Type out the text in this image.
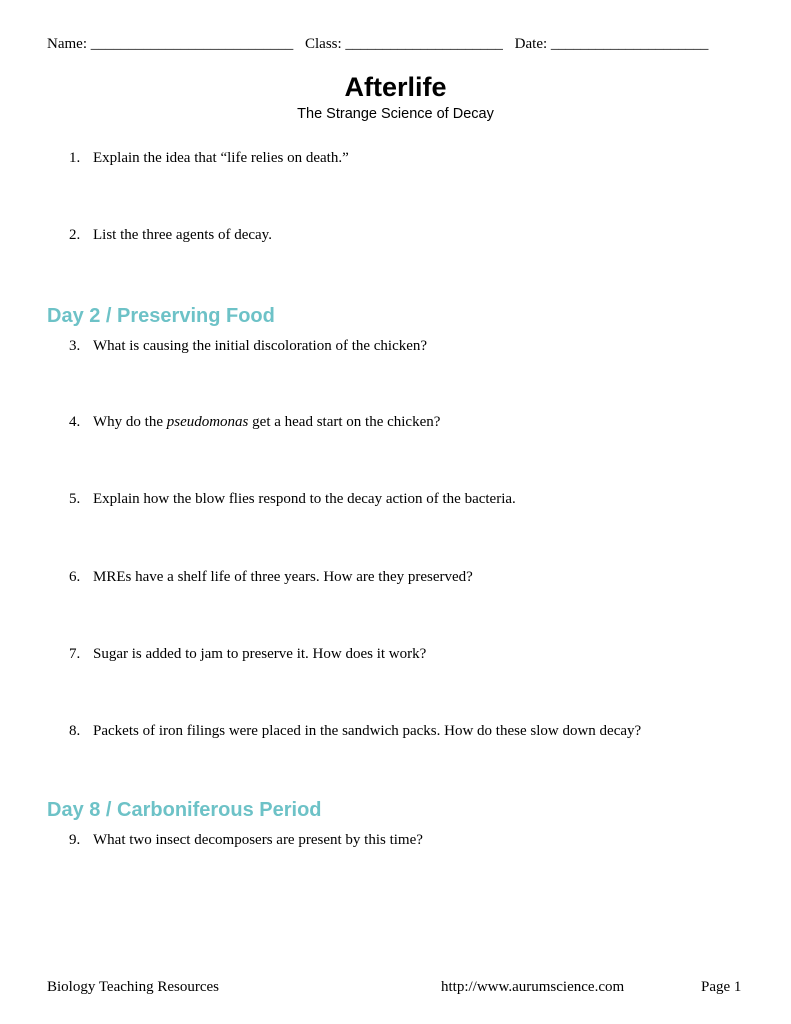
Name: ___________________________ Class: _____________________ Date: _____________________
Afterlife
The Strange Science of Decay
1. Explain the idea that “life relies on death.”
2. List the three agents of decay.
Day 2 / Preserving Food
3. What is causing the initial discoloration of the chicken?
4. Why do the pseudomonas get a head start on the chicken?
5. Explain how the blow flies respond to the decay action of the bacteria.
6. MREs have a shelf life of three years. How are they preserved?
7. Sugar is added to jam to preserve it. How does it work?
8. Packets of iron filings were placed in the sandwich packs. How do these slow down decay?
Day 8 / Carboniferous Period
9. What two insect decomposers are present by this time?
Biology Teaching Resources	http://www.aurumscience.com	Page 1
